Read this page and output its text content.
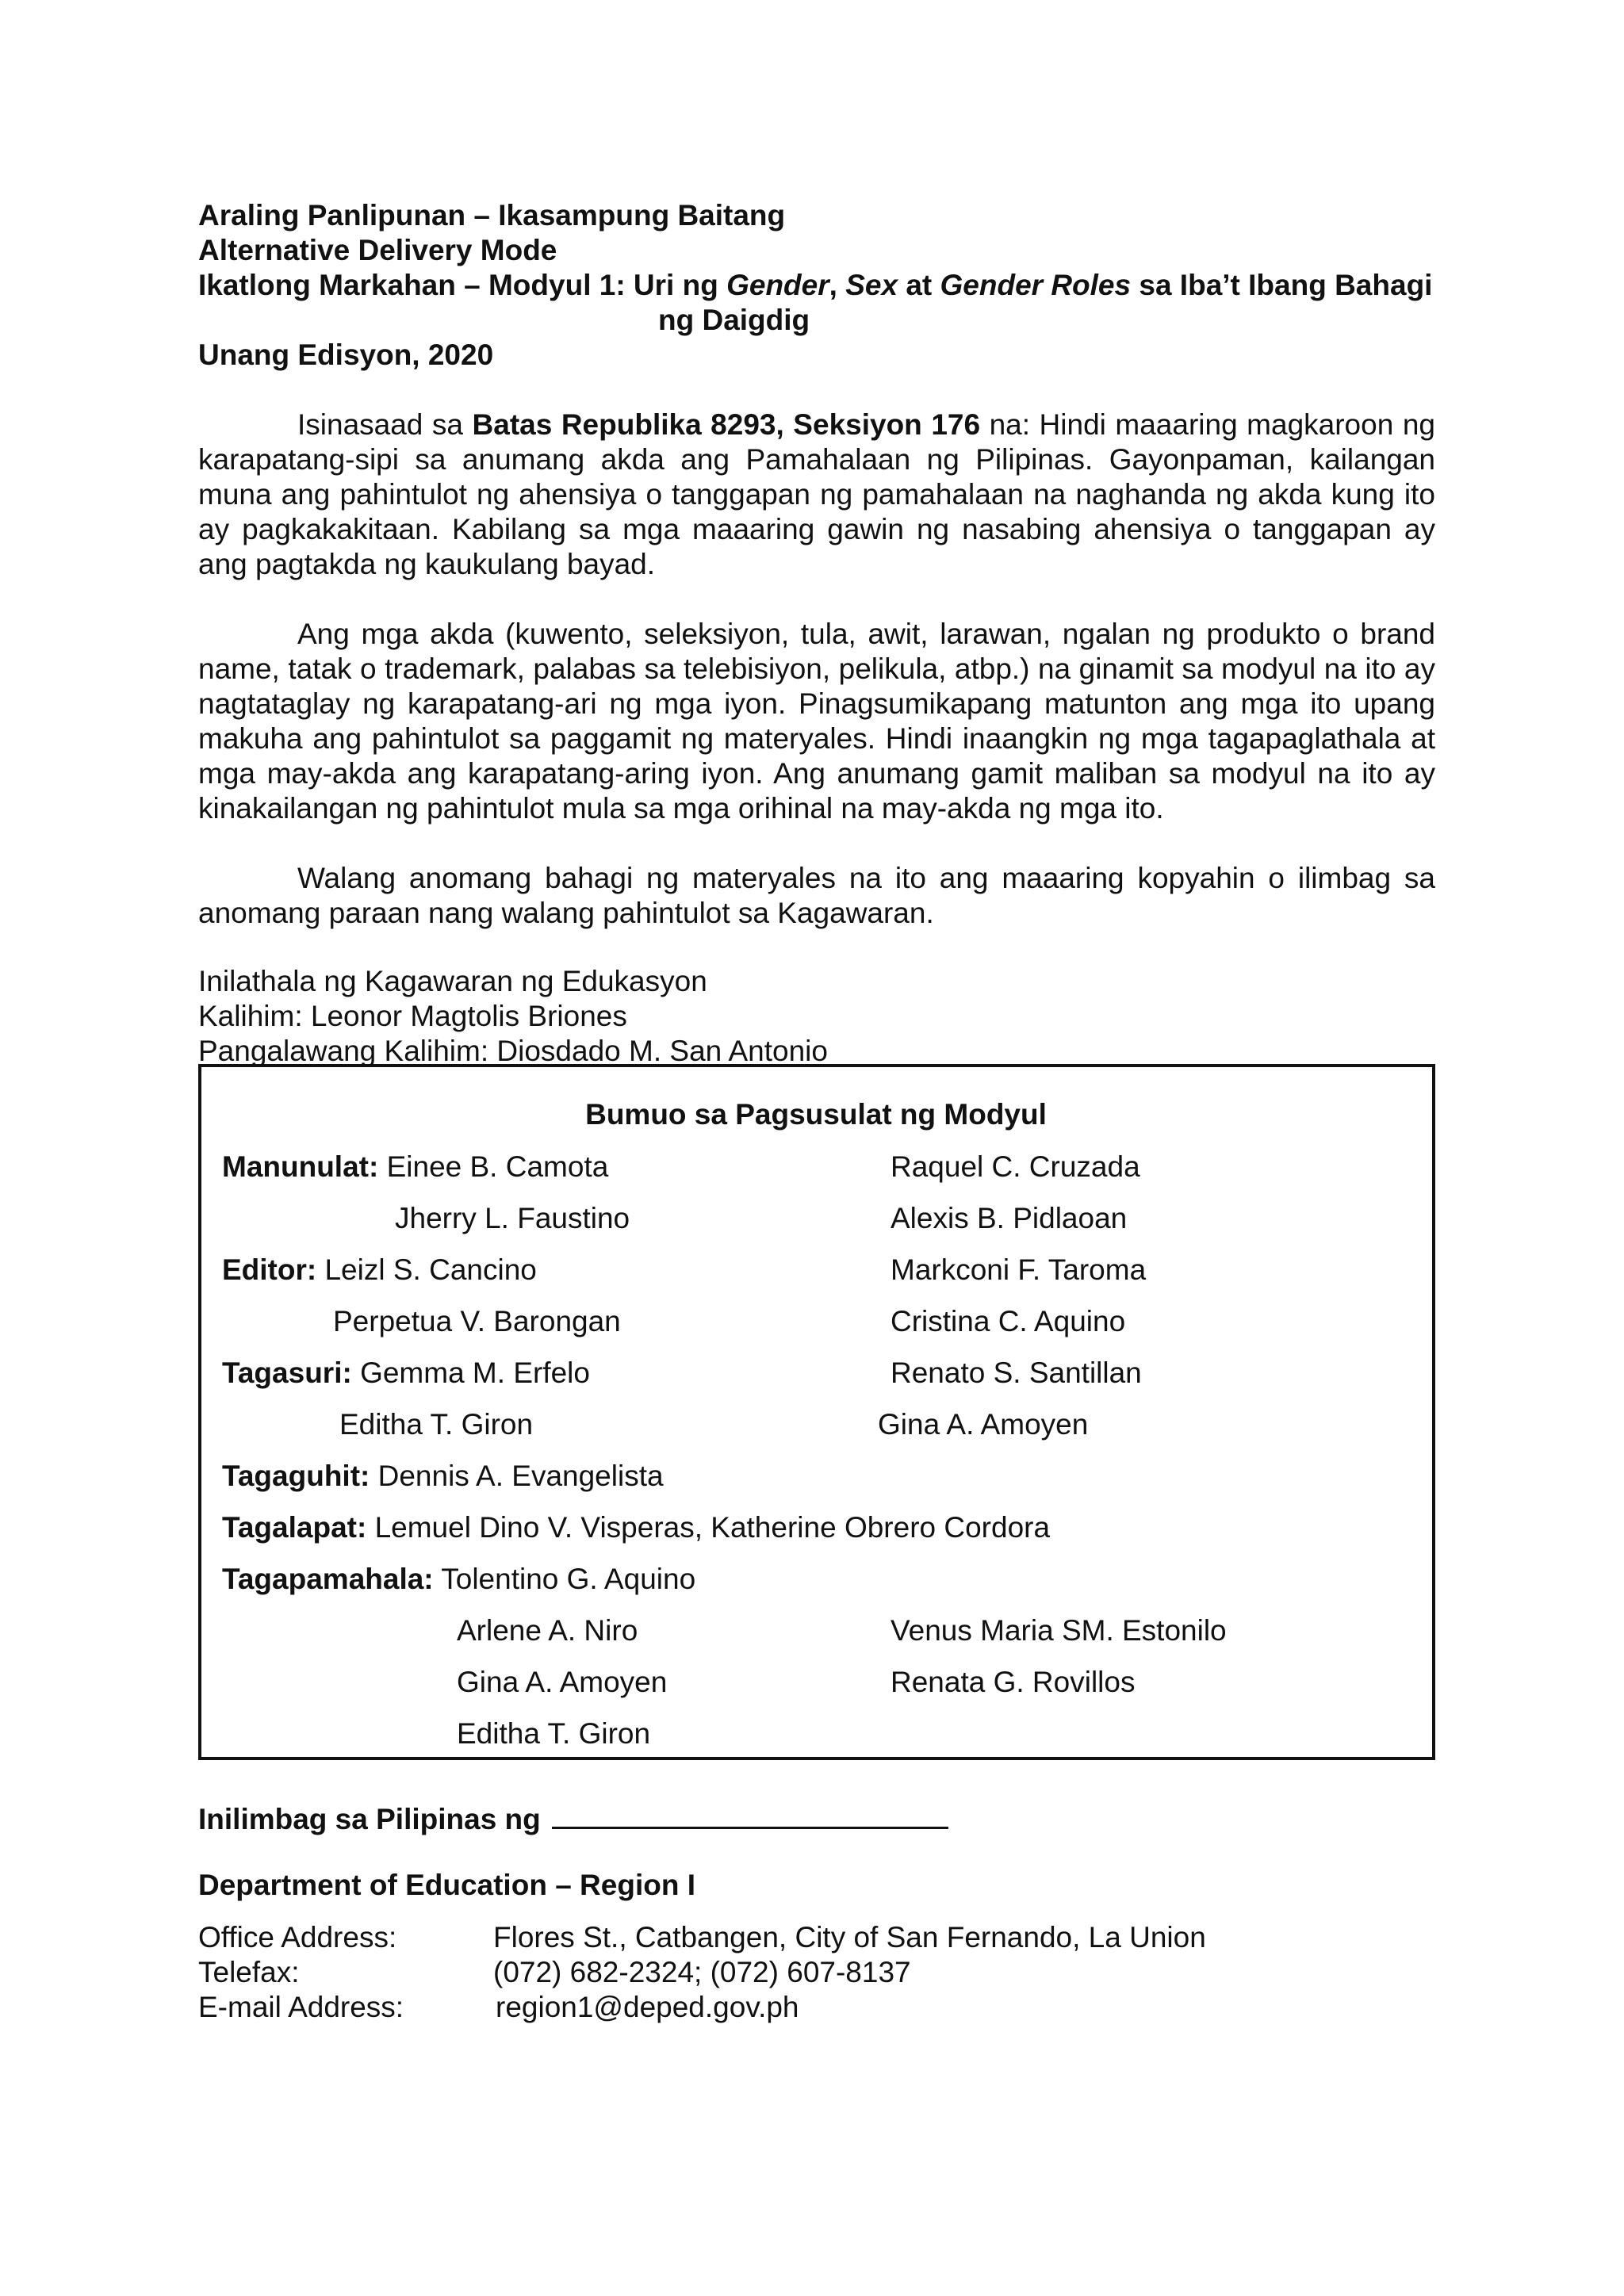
Araling Panlipunan – Ikasampung Baitang
Alternative Delivery Mode
Ikatlong Markahan – Modyul 1: Uri ng Gender, Sex at Gender Roles sa Iba’t Ibang Bahagi
ng Daigdig
Unang Edisyon, 2020
Isinasaad sa Batas Republika 8293, Seksiyon 176 na: Hindi maaaring magkaroon ng karapatang-sipi sa anumang akda ang Pamahalaan ng Pilipinas. Gayonpaman, kailangan muna ang pahintulot ng ahensiya o tanggapan ng pamahalaan na naghanda ng akda kung ito ay pagkakakitaan. Kabilang sa mga maaaring gawin ng nasabing ahensiya o tanggapan ay ang pagtakda ng kaukulang bayad.
Ang mga akda (kuwento, seleksiyon, tula, awit, larawan, ngalan ng produkto o brand name, tatak o trademark, palabas sa telebisiyon, pelikula, atbp.) na ginamit sa modyul na ito ay nagtataglay ng karapatang-ari ng mga iyon. Pinagsumikapang matunton ang mga ito upang makuha ang pahintulot sa paggamit ng materyales. Hindi inaangkin ng mga tagapaglathala at mga may-akda ang karapatang-aring iyon. Ang anumang gamit maliban sa modyul na ito ay kinakailangan ng pahintulot mula sa mga orihinal na may-akda ng mga ito.
Walang anomang bahagi ng materyales na ito ang maaaring kopyahin o ilimbag sa anomang paraan nang walang pahintulot sa Kagawaran.
Inilathala ng Kagawaran ng Edukasyon
Kalihim: Leonor Magtolis Briones
Pangalawang Kalihim: Diosdado M. San Antonio
Bumuo sa Pagsusulat ng Modyul
Manunulat: Einee B. Camota	Raquel C. Cruzada
Jherry L. Faustino	Alexis B. Pidlaoan
Editor: Leizl S. Cancino	Markconi F. Taroma
Perpetua V. Barongan	Cristina C. Aquino
Tagasuri: Gemma M. Erfelo	Renato S. Santillan
Editha T. Giron	Gina A. Amoyen
Tagaguhit: Dennis A. Evangelista
Tagalapat: Lemuel Dino V. Visperas, Katherine Obrero Cordora
Tagapamahala: Tolentino G. Aquino
Arlene A. Niro	Venus Maria SM. Estonilo
Gina A. Amoyen	Renata G. Rovillos
Editha T. Giron
Inilimbag sa Pilipinas ng
Department of Education – Region I
Office Address:	Flores St., Catbangen, City of San Fernando, La Union
Telefax:	(072) 682-2324; (072) 607-8137
E-mail Address:	region1@deped.gov.ph
